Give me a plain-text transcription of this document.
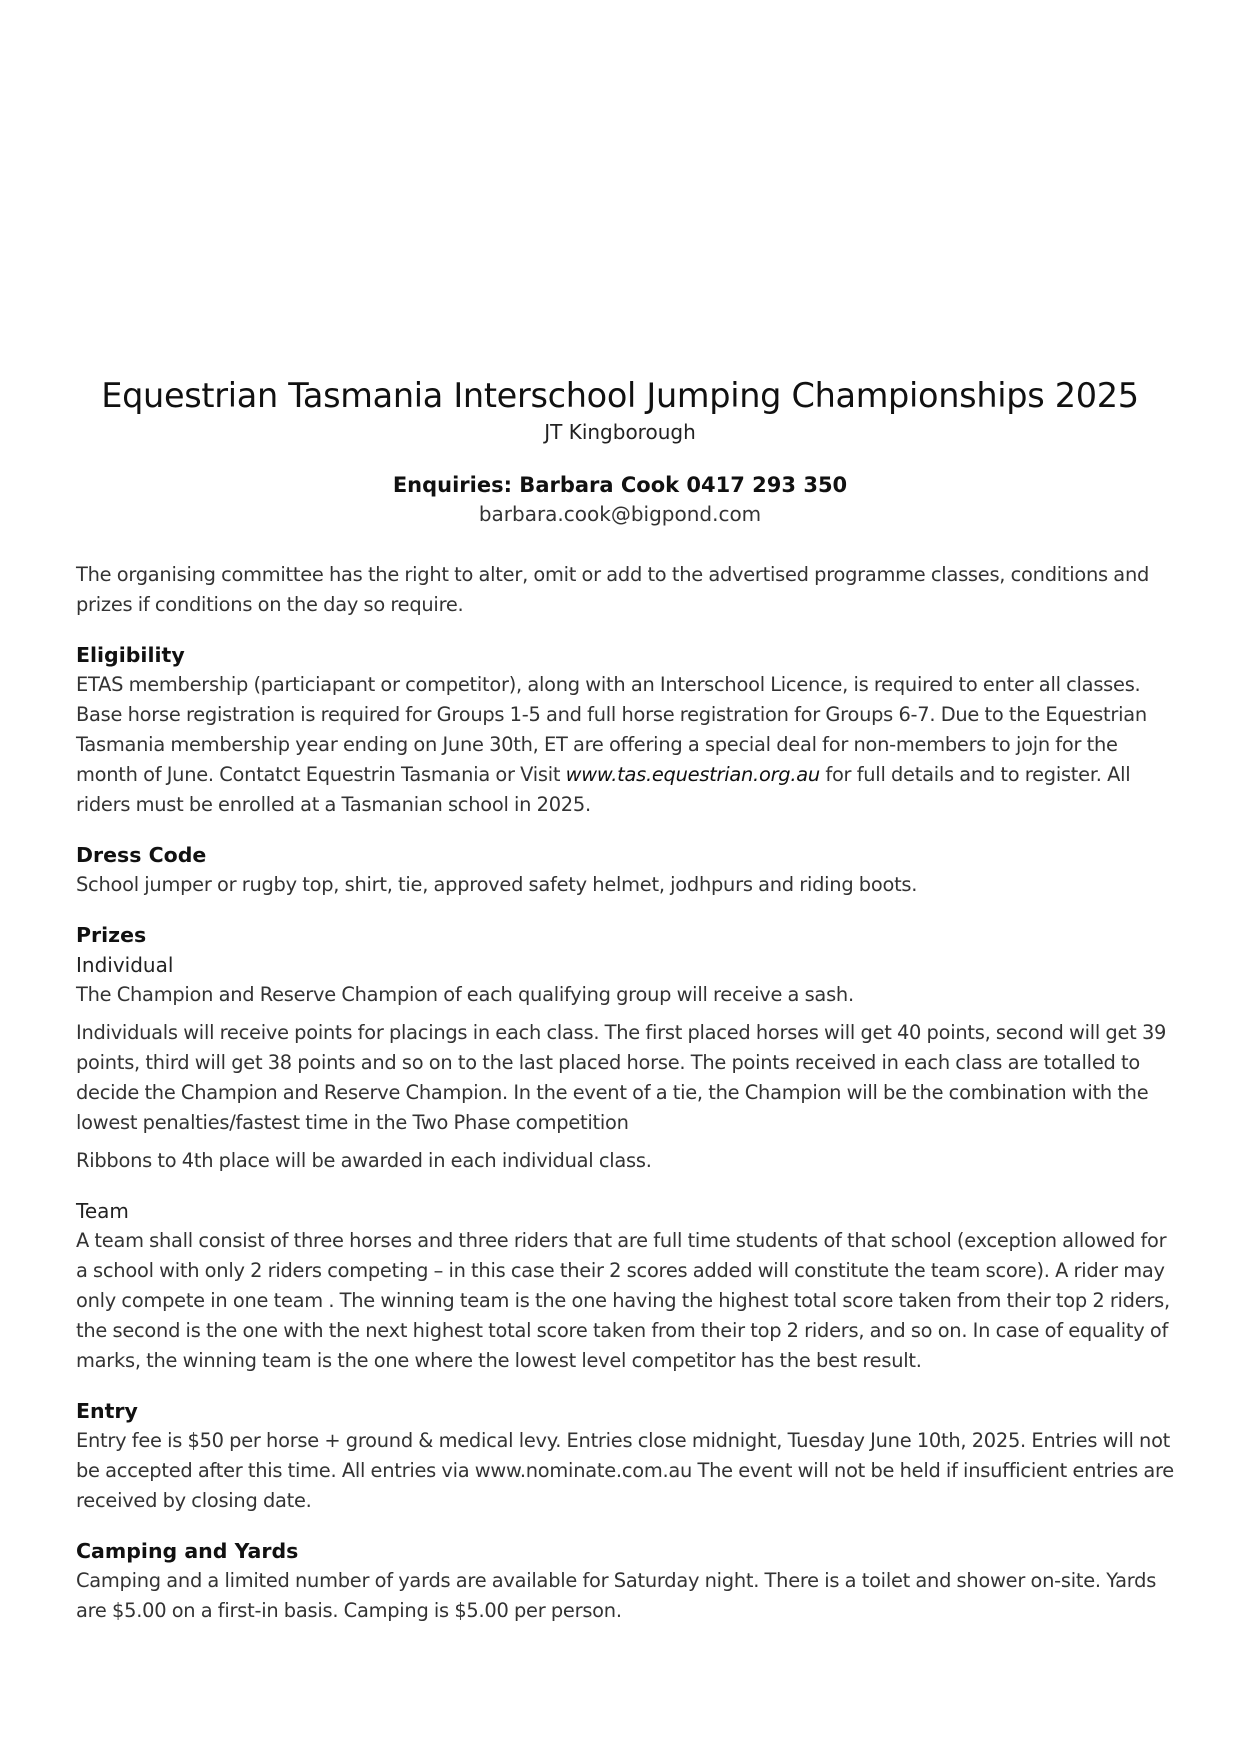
Equestrian Tasmania Interschool Jumping Championships 2025
JT Kingborough
Enquiries: Barbara Cook 0417 293 350
barbara.cook@bigpond.com

The organising committee has the right to alter, omit or add to the advertised programme classes, conditions and prizes if conditions on the day so require.

Eligibility

ETAS membership (particiapant or competitor), along with an Interschool Licence, is required to enter all classes. Base horse registration is required for Groups 1-5 and full horse registration for Groups 6-7. Due to the Equestrian Tasmania membership year ending on June 30th, ET are offering a special deal for non-members to jojn for the month of June. Contatct Equestrin Tasmania or Visit www.tas.equestrian.org.au for full details and to register. All riders must be enrolled at a Tasmanian school in 2025.

Dress Code

School jumper or rugby top, shirt, tie, approved safety helmet, jodhpurs and riding boots.

Prizes
Individual

The Champion and Reserve Champion of each qualifying group will receive a sash.

Individuals will receive points for placings in each class. The first placed horses will get 40 points, second will get 39 points, third will get 38 points and so on to the last placed horse. The points received in each class are totalled to decide the Champion and Reserve Champion. In the event of a tie, the Champion will be the combination with the lowest penalties/fastest time in the Two Phase competition

Ribbons to 4th place will be awarded in each individual class.

Team

A team shall consist of three horses and three riders that are full time students of that school (exception allowed for a school with only 2 riders competing – in this case their 2 scores added will constitute the team score). A rider may only compete in one team . The winning team is the one having the highest total score taken from their top 2 riders, the second is the one with the next highest total score taken from their top 2 riders, and so on. In case of equality of marks, the winning team is the one where the lowest level competitor has the best result.

Entry

Entry fee is $50 per horse + ground & medical levy. Entries close midnight, Tuesday June 10th, 2025. Entries will not be accepted after this time. All entries via www.nominate.com.au The event will not be held if insufficient entries are received by closing date.

Camping and Yards

Camping and a limited number of yards are available for Saturday night. There is a toilet and shower on-site. Yards are $5.00 on a first-in basis. Camping is $5.00 per person.
